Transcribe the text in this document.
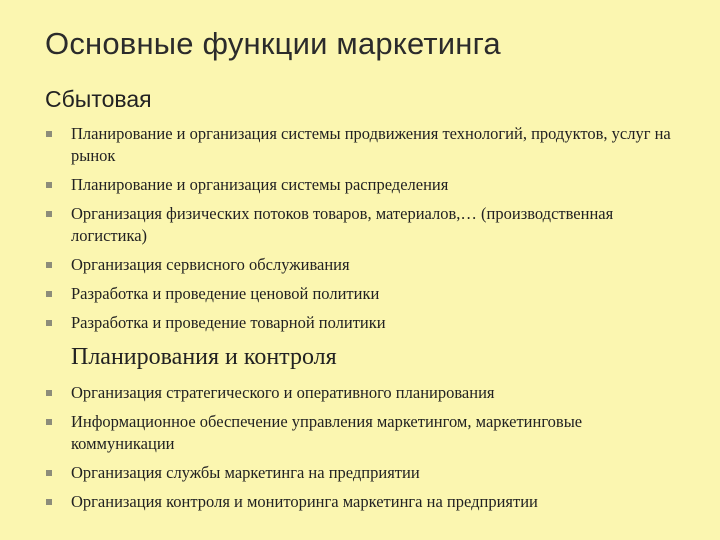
Основные функции маркетинга
Сбытовая
Планирование и организация системы продвижения технологий, продуктов, услуг на рынок
Планирование и организация системы распределения
Организация физических потоков товаров, материалов,… (производственная логистика)
Организация сервисного обслуживания
Разработка и проведение ценовой политики
Разработка и проведение товарной политики
Планирования и контроля
Организация стратегического и оперативного планирования
Информационное обеспечение управления маркетингом, маркетинговые коммуникации
Организация службы маркетинга на предприятии
Организация контроля и мониторинга маркетинга на предприятии
